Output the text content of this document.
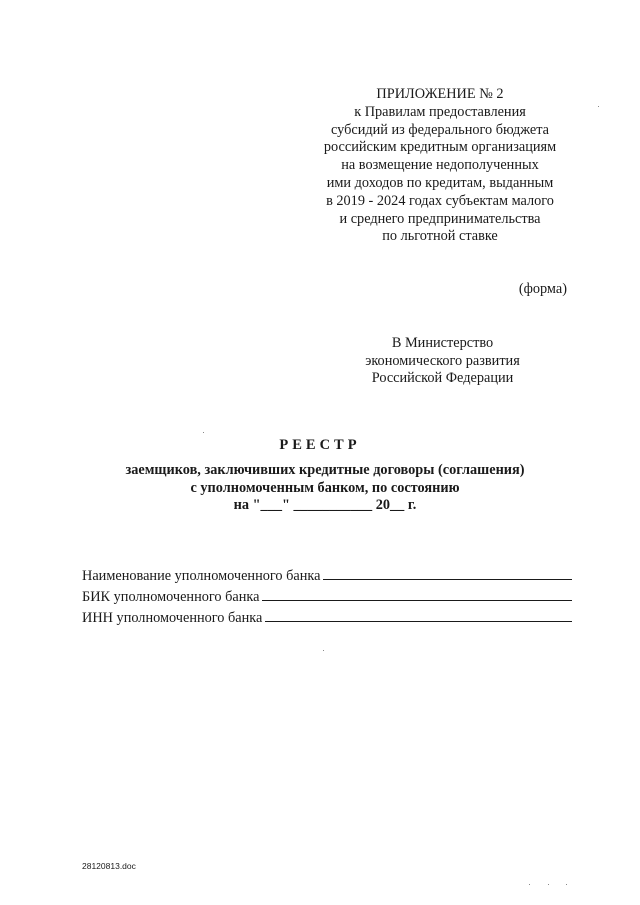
ПРИЛОЖЕНИЕ № 2
к Правилам предоставления
субсидий из федерального бюджета
российским кредитным организациям
на возмещение недополученных
ими доходов по кредитам, выданным
в 2019 - 2024 годах субъектам малого
и среднего предпринимательства
по льготной ставке
(форма)
В Министерство
экономического развития
Российской Федерации
РЕЕСТР
заемщиков, заключивших кредитные договоры (соглашения)
с уполномоченным банком, по состоянию
на "___" ___________ 20__ г.
Наименование уполномоченного банка
БИК уполномоченного банка
ИНН уполномоченного банка
28120813.doc
